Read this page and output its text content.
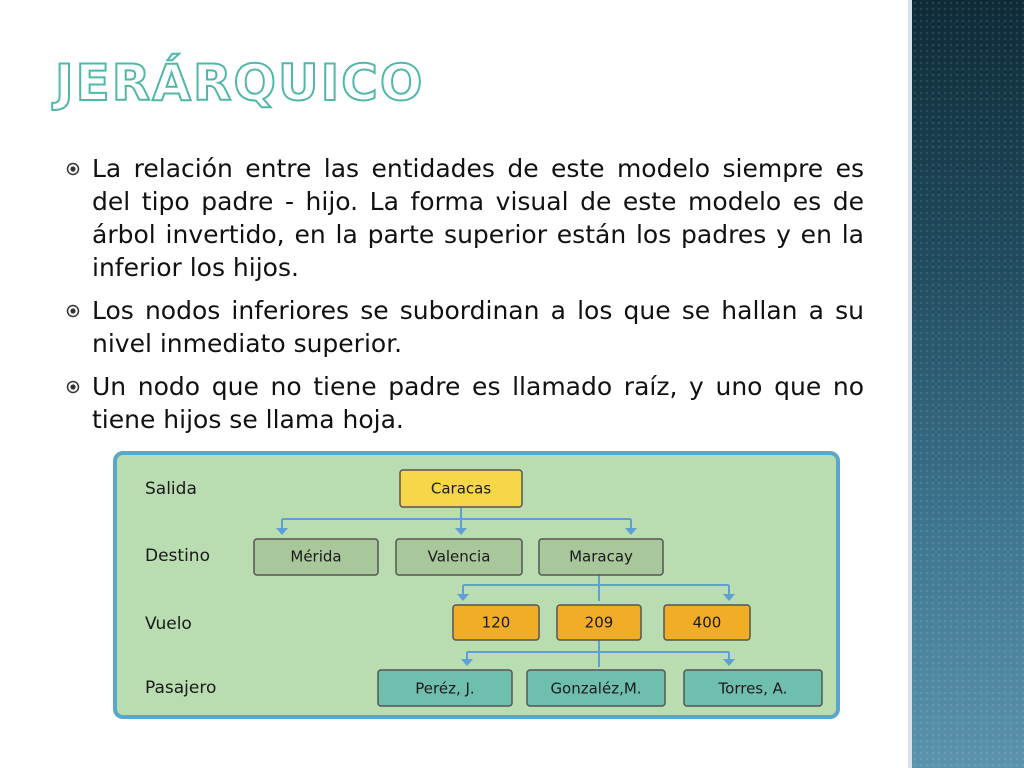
JERÁRQUICO
La relación entre las entidades de este modelo siempre es del tipo padre - hijo. La forma visual de este modelo es de árbol invertido, en la parte superior están los padres y en la inferior los hijos.
Los nodos inferiores se subordinan a los que se hallan a su nivel inmediato superior.
Un nodo que no tiene padre es llamado raíz, y uno que no tiene hijos se llama hoja.
Salida
Destino
Vuelo
Pasajero
Caracas
Mérida	Valencia	Maracay
120	209	400
Peréz, J.	Gonzaléz,M.	Torres, A.
